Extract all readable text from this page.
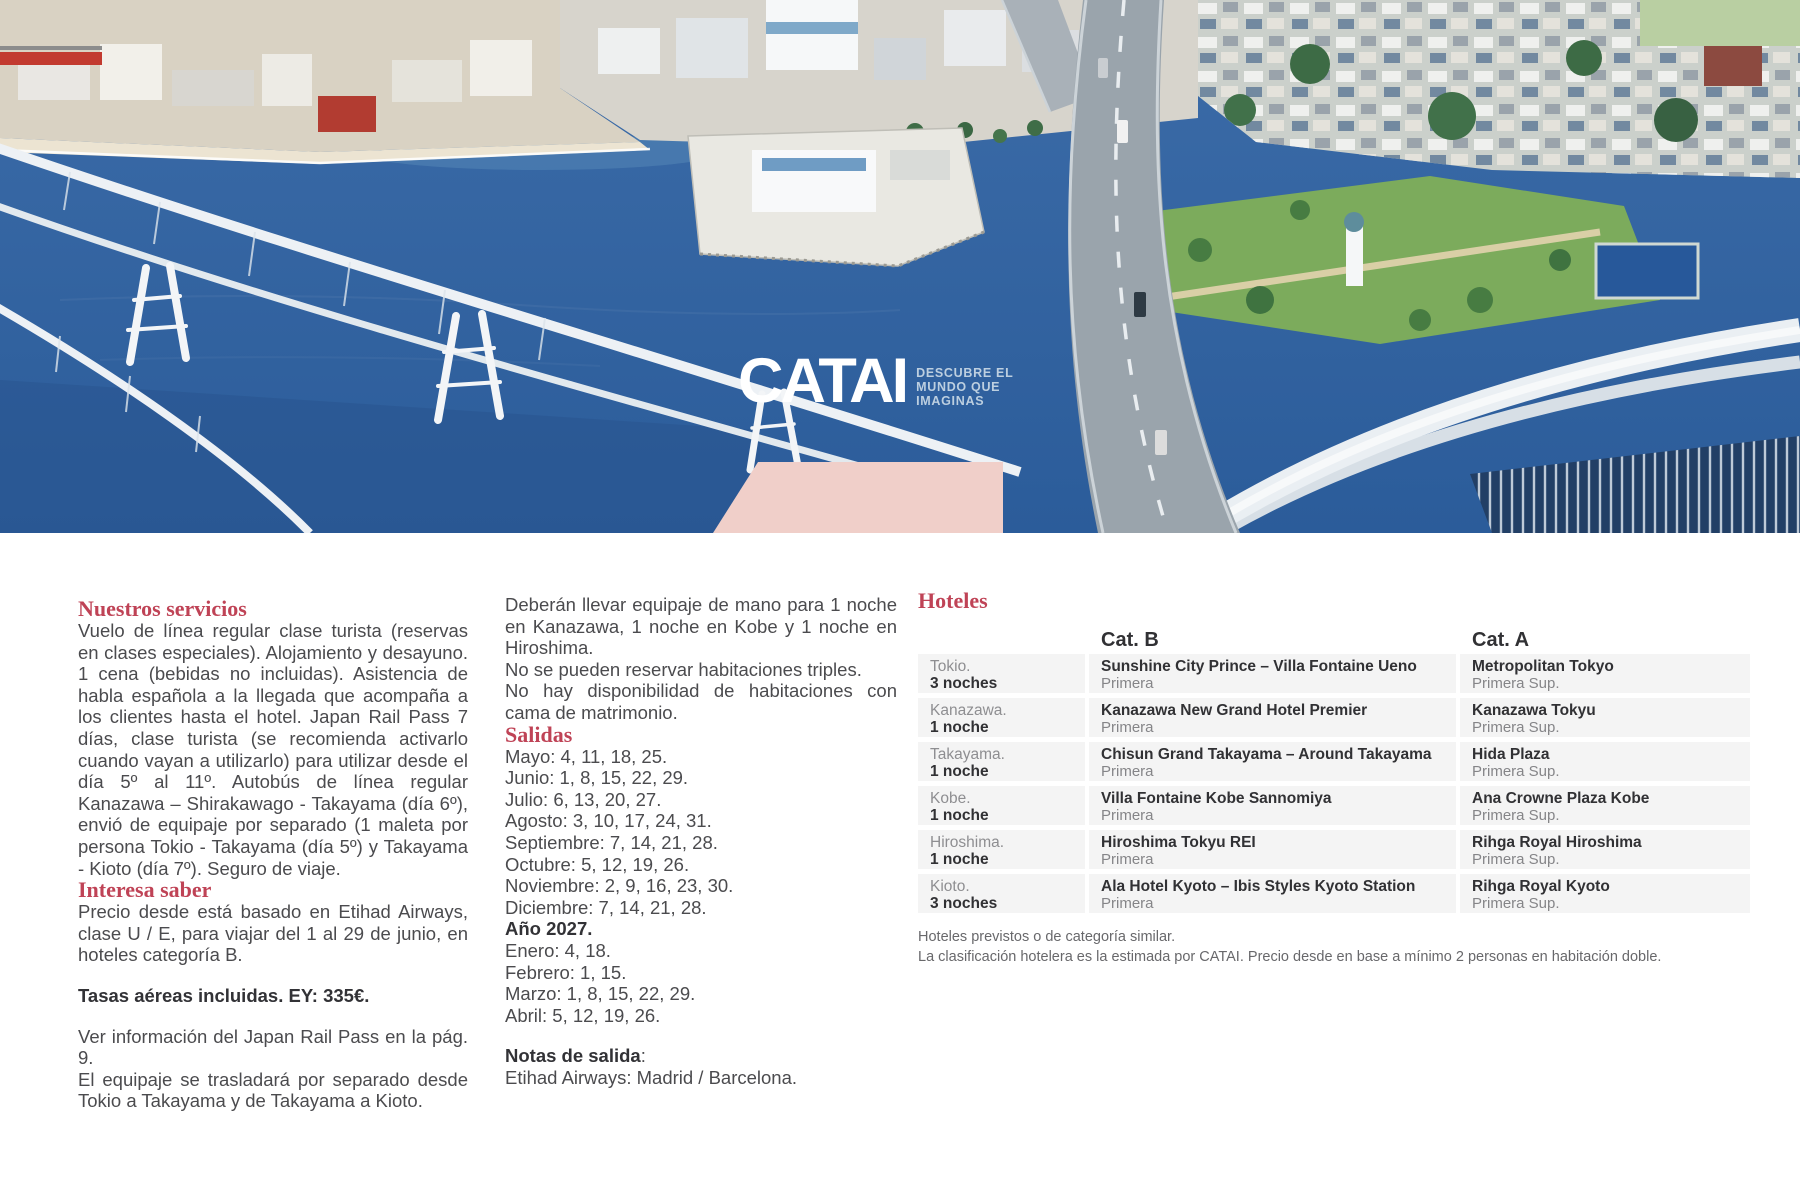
CATAI DESCUBRE EL
MUNDO QUE
IMAGINAS
Nuestros servicios

Vuelo de línea regular clase turista (reservas en clases especiales). Alojamiento y desayuno. 1 cena (bebidas no incluidas). Asistencia de habla española a la llegada que acompaña a los clientes hasta el hotel. Japan Rail Pass 7 días, clase turista (se recomienda activarlo cuando vayan a utilizarlo) para utilizar desde el día 5º al 11º. Autobús de línea regular Kanazawa – Shirakawago - Takayama (día 6º), envió de equipaje por separado (1 maleta por persona Tokio - Takayama (día 5º) y Takayama - Kioto (día 7º). Seguro de viaje.

Interesa saber

Precio desde está basado en Etihad Airways, clase U / E, para viajar del 1 al 29 de junio, en hoteles categoría B.

Tasas aéreas incluidas. EY: 335€.

Ver información del Japan Rail Pass en la pág. 9.

El equipaje se trasladará por separado desde Tokio a Takayama y de Takayama a Kioto.

Deberán llevar equipaje de mano para 1 noche en Kanazawa, 1 noche en Kobe y 1 noche en Hiroshima.

No se pueden reservar habitaciones triples.

No hay disponibilidad de habitaciones con cama de matrimonio.

Salidas
Mayo: 4, 11, 18, 25.
Junio: 1, 8, 15, 22, 29.
Julio: 6, 13, 20, 27.
Agosto: 3, 10, 17, 24, 31.
Septiembre: 7, 14, 21, 28.
Octubre: 5, 12, 19, 26.
Noviembre: 2, 9, 16, 23, 30.
Diciembre: 7, 14, 21, 28.
Año 2027.
Enero: 4, 18.
Febrero: 1, 15.
Marzo: 1, 8, 15, 22, 29.
Abril: 5, 12, 19, 26.

Notas de salida:

Etihad Airways: Madrid / Barcelona.

Hoteles
Cat. B	Cat. A
Tokio.
3 noches
Sunshine City Prince – Villa Fontaine Ueno
Primera
Metropolitan Tokyo
Primera Sup.
Kanazawa.
1 noche
Kanazawa New Grand Hotel Premier
Primera
Kanazawa Tokyu
Primera Sup.
Takayama.
1 noche
Chisun Grand Takayama – Around Takayama
Primera
Hida Plaza
Primera Sup.
Kobe.
1 noche
Villa Fontaine Kobe Sannomiya
Primera
Ana Crowne Plaza Kobe
Primera Sup.
Hiroshima.
1 noche
Hiroshima Tokyu REI
Primera
Rihga Royal Hiroshima
Primera Sup.
Kioto.
3 noches
Ala Hotel Kyoto – Ibis Styles Kyoto Station
Primera
Rihga Royal Kyoto
Primera Sup.

Hoteles previstos o de categoría similar.

La clasificación hotelera es la estimada por CATAI. Precio desde en base a mínimo 2 personas en habitación doble.
